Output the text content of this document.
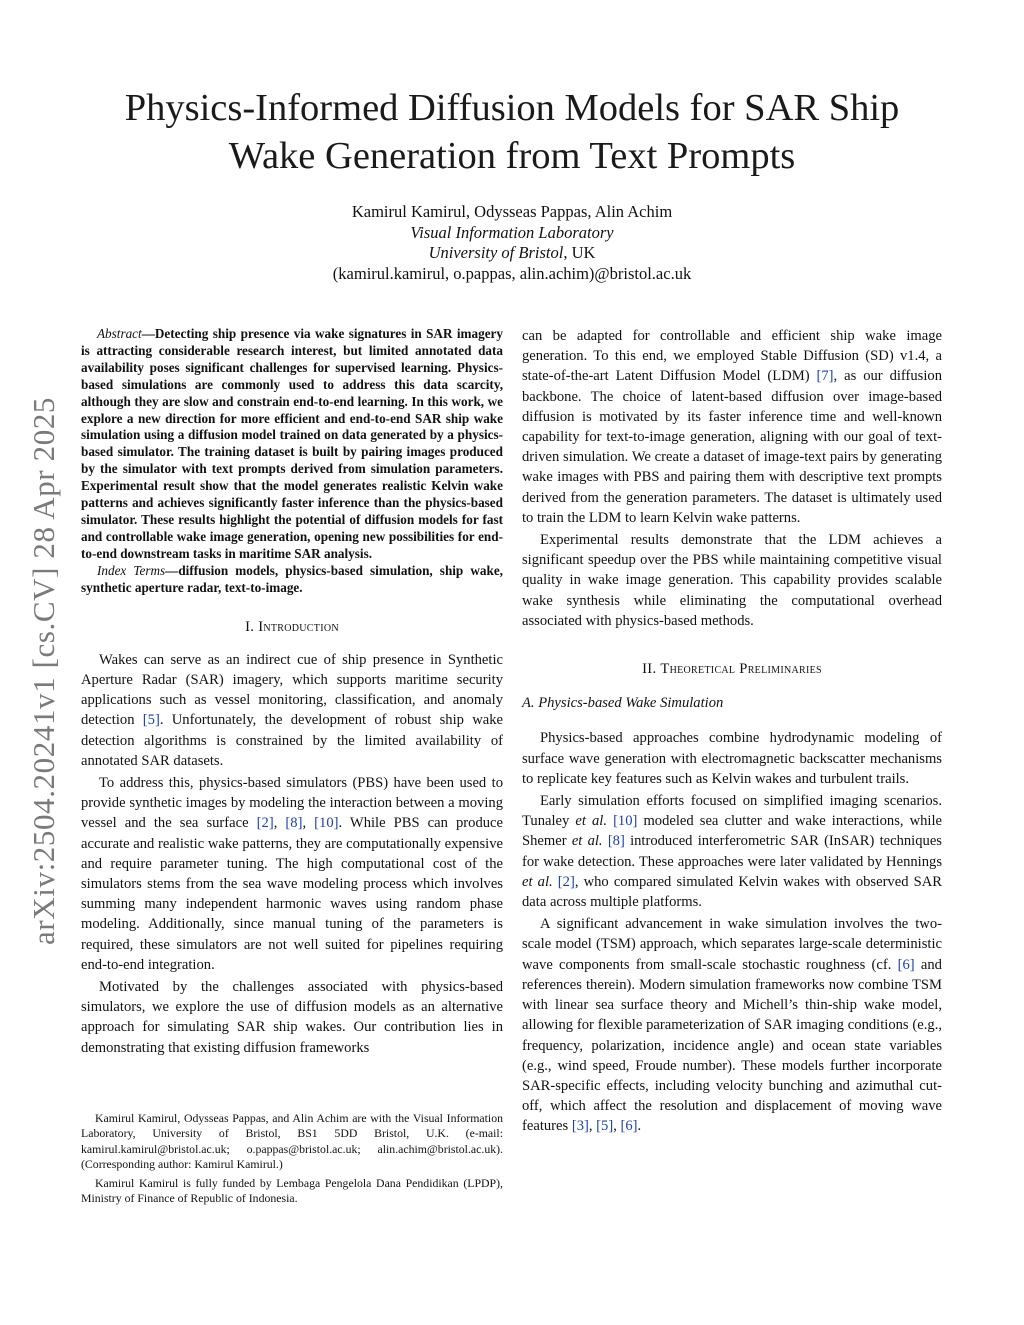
arXiv:2504.20241v1 [cs.CV] 28 Apr 2025
Physics-Informed Diffusion Models for SAR Ship
Wake Generation from Text Prompts
Kamirul Kamirul, Odysseas Pappas, Alin Achim
Visual Information Laboratory
University of Bristol, UK
(kamirul.kamirul, o.pappas, alin.achim)@bristol.ac.uk

Abstract—Detecting ship presence via wake signatures in SAR imagery is attracting considerable research interest, but limited annotated data availability poses significant challenges for supervised learning. Physics-based simulations are commonly used to address this data scarcity, although they are slow and constrain end-to-end learning. In this work, we explore a new direction for more efficient and end-to-end SAR ship wake simulation using a diffusion model trained on data generated by a physics-based simulator. The training dataset is built by pairing images produced by the simulator with text prompts derived from simulation parameters. Experimental result show that the model generates realistic Kelvin wake patterns and achieves significantly faster inference than the physics-based simulator. These results highlight the potential of diffusion models for fast and controllable wake image generation, opening new possibilities for end-to-end downstream tasks in maritime SAR analysis.

Index Terms—diffusion models, physics-based simulation, ship wake, synthetic aperture radar, text-to-image.

I. Introduction

Wakes can serve as an indirect cue of ship presence in Synthetic Aperture Radar (SAR) imagery, which supports maritime security applications such as vessel monitoring, classification, and anomaly detection [5]. Unfortunately, the development of robust ship wake detection algorithms is constrained by the limited availability of annotated SAR datasets.

To address this, physics-based simulators (PBS) have been used to provide synthetic images by modeling the interaction between a moving vessel and the sea surface [2], [8], [10]. While PBS can produce accurate and realistic wake patterns, they are computationally expensive and require parameter tuning. The high computational cost of the simulators stems from the sea wave modeling process which involves summing many independent harmonic waves using random phase modeling. Additionally, since manual tuning of the parameters is required, these simulators are not well suited for pipelines requiring end-to-end integration.

Motivated by the challenges associated with physics-based simulators, we explore the use of diffusion models as an alternative approach for simulating SAR ship wakes. Our contribution lies in demonstrating that existing diffusion frameworks

Kamirul Kamirul, Odysseas Pappas, and Alin Achim are with the Visual Information Laboratory, University of Bristol, BS1 5DD Bristol, U.K. (e-mail: kamirul.kamirul@bristol.ac.uk; o.pappas@bristol.ac.uk; alin.achim@bristol.ac.uk). (Corresponding author: Kamirul Kamirul.)

Kamirul Kamirul is fully funded by Lembaga Pengelola Dana Pendidikan (LPDP), Ministry of Finance of Republic of Indonesia.

can be adapted for controllable and efficient ship wake image generation. To this end, we employed Stable Diffusion (SD) v1.4, a state-of-the-art Latent Diffusion Model (LDM) [7], as our diffusion backbone. The choice of latent-based diffusion over image-based diffusion is motivated by its faster inference time and well-known capability for text-to-image generation, aligning with our goal of text-driven simulation. We create a dataset of image-text pairs by generating wake images with PBS and pairing them with descriptive text prompts derived from the generation parameters. The dataset is ultimately used to train the LDM to learn Kelvin wake patterns.

Experimental results demonstrate that the LDM achieves a significant speedup over the PBS while maintaining competitive visual quality in wake image generation. This capability provides scalable wake synthesis while eliminating the computational overhead associated with physics-based methods.

II. Theoretical Preliminaries
A. Physics-based Wake Simulation

Physics-based approaches combine hydrodynamic modeling of surface wave generation with electromagnetic backscatter mechanisms to replicate key features such as Kelvin wakes and turbulent trails.

Early simulation efforts focused on simplified imaging scenarios. Tunaley et al. [10] modeled sea clutter and wake interactions, while Shemer et al. [8] introduced interferometric SAR (InSAR) techniques for wake detection. These approaches were later validated by Hennings et al. [2], who compared simulated Kelvin wakes with observed SAR data across multiple platforms.

A significant advancement in wake simulation involves the two-scale model (TSM) approach, which separates large-scale deterministic wave components from small-scale stochastic roughness (cf. [6] and references therein). Modern simulation frameworks now combine TSM with linear sea surface theory and Michell’s thin-ship wake model, allowing for flexible parameterization of SAR imaging conditions (e.g., frequency, polarization, incidence angle) and ocean state variables (e.g., wind speed, Froude number). These models further incorporate SAR-specific effects, including velocity bunching and azimuthal cut-off, which affect the resolution and displacement of moving wave features [3], [5], [6].
